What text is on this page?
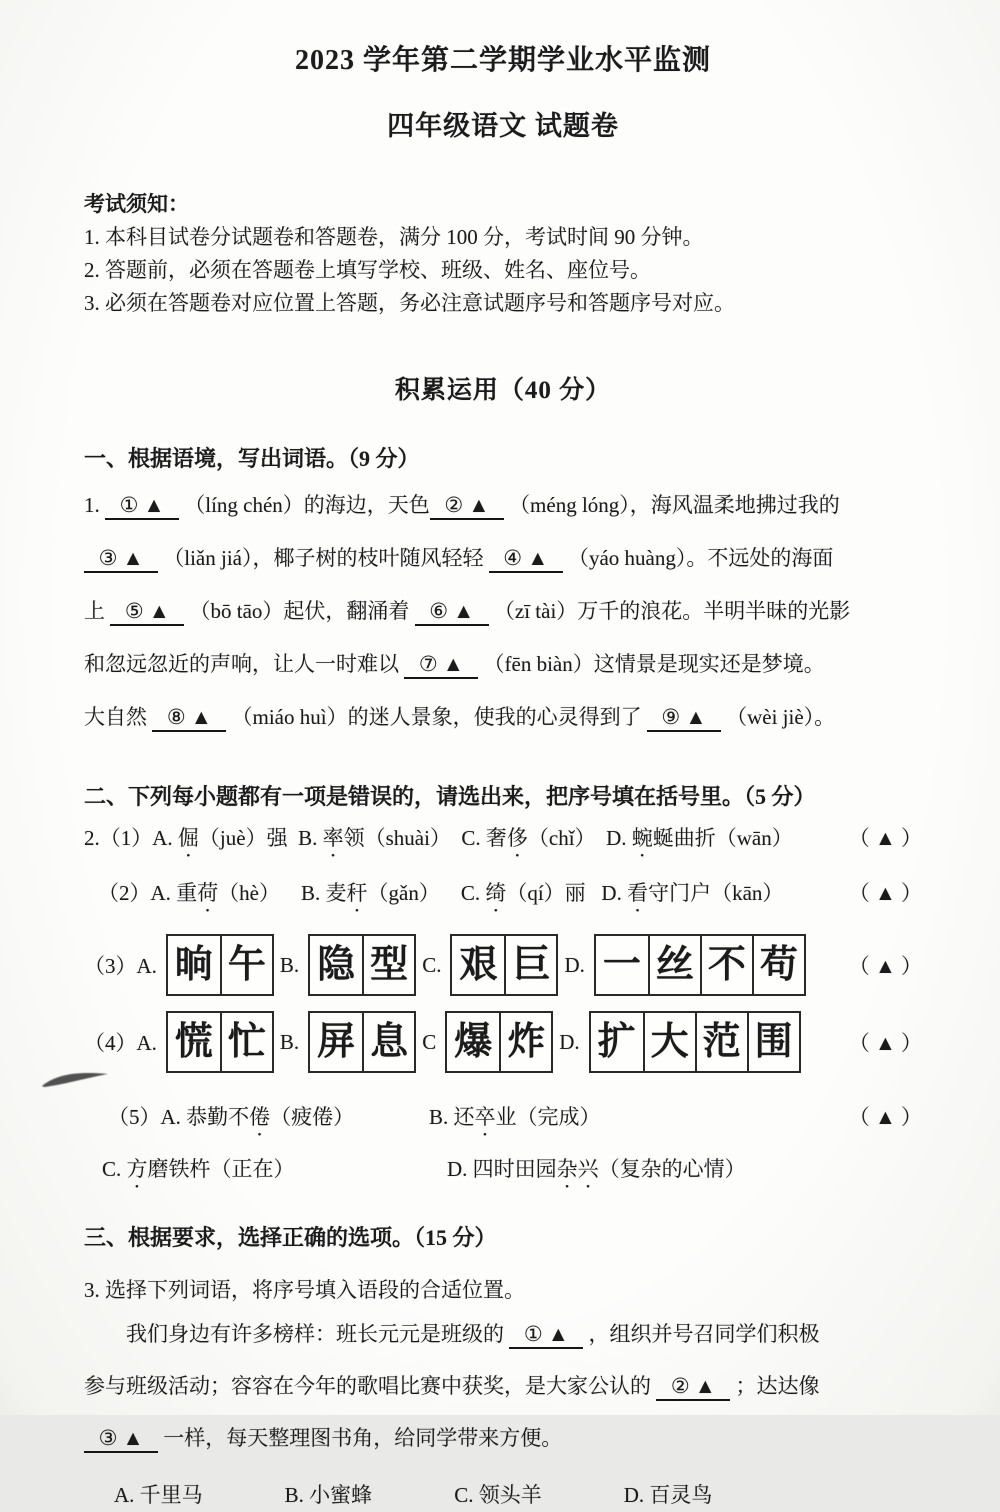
2023 学年第二学期学业水平监测
四年级语文 试题卷
考试须知：
1. 本科目试卷分试题卷和答题卷，满分 100 分，考试时间 90 分钟。
2. 答题前，必须在答题卷上填写学校、班级、姓名、座位号。
3. 必须在答题卷对应位置上答题，务必注意试题序号和答题序号对应。
积累运用（40 分）
一、根据语境，写出词语。（9 分）
1. ① ▲ （líng chén）的海边，天色 ② ▲ （méng lóng），海风温柔地拂过我的
③ ▲ （liǎn jiá），椰子树的枝叶随风轻轻 ④ ▲ （yáo huàng）。不远处的海面
上 ⑤ ▲ （bō tāo）起伏，翻涌着 ⑥ ▲ （zī tài）万千的浪花。半明半昧的光影
和忽远忽近的声响，让人一时难以 ⑦ ▲ （fēn biàn）这情景是现实还是梦境。
大自然 ⑧ ▲ （miáo huì）的迷人景象，使我的心灵得到了 ⑨ ▲ （wèi jiè）。
二、下列每小题都有一项是错误的，请选出来，把序号填在括号里。（5 分）
2.（1）A. 倔（juè）强  B. 率领（shuài）  C. 奢侈（chǐ）  D. 蜿蜒曲折（wān）	（ ▲ ）
（2）A. 重荷（hè）    B. 麦秆（gǎn）    C. 绮（qí）丽   D. 看守门户（kān）	（ ▲ ）
（3）A. 晌 午 B. 隐 型 C. 艰 巨 D. 一 丝 不 苟 （ ▲ ）
（4）A. 慌 忙 B. 屏 息 C 爆 炸 D. 扩 大 范 围	（ ▲ ）
（5）A. 恭勤不倦（疲倦）	B. 还卒业（完成）	（ ▲ ）
C. 方磨铁杵（正在）	D. 四时田园杂兴（复杂的心情）
三、根据要求，选择正确的选项。（15 分）
3. 选择下列词语，将序号填入语段的合适位置。
　　我们身边有许多榜样：班长元元是班级的 ① ▲ ，组织并号召同学们积极
参与班级活动；容容在今年的歌唱比赛中获奖，是大家公认的 ② ▲ ；达达像
③ ▲ 一样，每天整理图书角，给同学带来方便。
A. 千里马	B. 小蜜蜂	C. 领头羊	D. 百灵鸟
